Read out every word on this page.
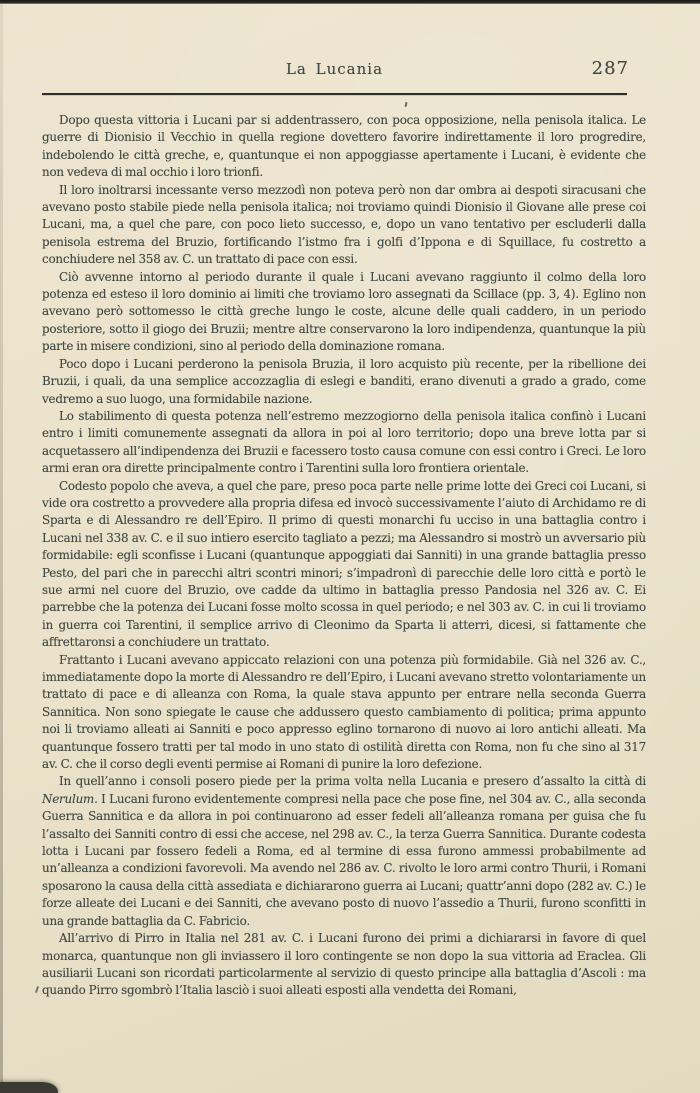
La Lucania	287

Dopo questa vittoria i Lucani par si addentrassero, con poca opposizione, nella penisola italica. Le guerre di Dionisio il Vecchio in quella regione dovettero favorire indirettamente il loro progredire, indebolendo le città greche, e, quantunque ei non appoggiasse apertamente i Lucani, è evidente che non vedeva di mal occhio i loro trionfi.

Il loro inoltrarsi incessante verso mezzodì non poteva però non dar ombra ai despoti siracusani che avevano posto stabile piede nella penisola italica; noi troviamo quindi Dionisio il Giovane alle prese coi Lucani, ma, a quel che pare, con poco lieto successo, e, dopo un vano tentativo per escluderli dalla penisola estrema del Bruzio, fortificando l’istmo fra i golfi d’Ippona e di Squillace, fu costretto a conchiudere nel 358 av. C. un trattato di pace con essi.

Ciò avvenne intorno al periodo durante il quale i Lucani avevano raggiunto il colmo della loro potenza ed esteso il loro dominio ai limiti che troviamo loro assegnati da Scillace (pp. 3, 4). Eglino non avevano però sottomesso le città greche lungo le coste, alcune delle quali caddero, in un periodo posteriore, sotto il giogo dei Bruzii; mentre altre conservarono la loro indipendenza, quantunque la più parte in misere condizioni, sino al periodo della dominazione romana.

Poco dopo i Lucani perderono la penisola Bruzia, il loro acquisto più recente, per la ribellione dei Bruzii, i quali, da una semplice accozzaglia di eslegi e banditi, erano divenuti a grado a grado, come vedremo a suo luogo, una formidabile nazione.

Lo stabilimento di questa potenza nell’estremo mezzogiorno della penisola italica confinò i Lucani entro i limiti comunemente assegnati da allora in poi al loro territorio; dopo una breve lotta par si acquetassero all’indipendenza dei Bruzii e facessero tosto causa comune con essi contro i Greci. Le loro armi eran ora dirette principalmente contro i Tarentini sulla loro frontiera orientale.

Codesto popolo che aveva, a quel che pare, preso poca parte nelle prime lotte dei Greci coi Lucani, si vide ora costretto a provvedere alla propria difesa ed invocò successivamente l’aiuto di Archidamo re di Sparta e di Alessandro re dell’Epiro. Il primo di questi monarchi fu ucciso in una battaglia contro i Lucani nel 338 av. C. e il suo intiero esercito tagliato a pezzi; ma Alessandro si mostrò un avversario più formidabile: egli sconfisse i Lucani (quantunque appoggiati dai Sanniti) in una grande battaglia presso Pesto, del pari che in parecchi altri scontri minori; s’impadronì di parecchie delle loro città e portò le sue armi nel cuore del Bruzio, ove cadde da ultimo in battaglia presso Pandosia nel 326 av. C. Ei parrebbe che la potenza dei Lucani fosse molto scossa in quel periodo; e nel 303 av. C. in cui li troviamo in guerra coi Tarentini, il semplice arrivo di Cleonimo da Sparta li atterri, dicesi, si fattamente che affrettaronsi a conchiudere un trattato.

Frattanto i Lucani avevano appiccato relazioni con una potenza più formidabile. Già nel 326 av. C., immediatamente dopo la morte di Alessandro re dell’Epiro, i Lucani avevano stretto volontariamente un trattato di pace e di alleanza con Roma, la quale stava appunto per entrare nella seconda Guerra Sannitica. Non sono spiegate le cause che addussero questo cambiamento di politica; prima appunto noi li troviamo alleati ai Sanniti e poco appresso eglino tornarono di nuovo ai loro antichi alleati. Ma quantunque fossero tratti per tal modo in uno stato di ostilità diretta con Roma, non fu che sino al 317 av. C. che il corso degli eventi permise ai Romani di punire la loro defezione.

In quell’anno i consoli posero piede per la prima volta nella Lucania e presero d’assalto la città di Nerulum. I Lucani furono evidentemente compresi nella pace che pose fine, nel 304 av. C., alla seconda Guerra Sannitica e da allora in poi continuarono ad esser fedeli all’alleanza romana per guisa che fu l’assalto dei Sanniti contro di essi che accese, nel 298 av. C., la terza Guerra Sannitica. Durante codesta lotta i Lucani par fossero fedeli a Roma, ed al termine di essa furono ammessi probabilmente ad un’alleanza a condizioni favorevoli. Ma avendo nel 286 av. C. rivolto le loro armi contro Thurii, i Romani sposarono la causa della città assediata e dichiararono guerra ai Lucani; quattr’anni dopo (282 av. C.) le forze alleate dei Lucani e dei Sanniti, che avevano posto di nuovo l’assedio a Thurii, furono sconfitti in una grande battaglia da C. Fabricio.

All’arrivo di Pirro in Italia nel 281 av. C. i Lucani furono dei primi a dichiararsi in favore di quel monarca, quantunque non gli inviassero il loro contingente se non dopo la sua vittoria ad Eraclea. Gli ausiliarii Lucani son ricordati particolarmente al servizio di questo principe alla battaglia d’Ascoli : ma quando Pirro sgombrò l’Italia lasciò i suoi alleati esposti alla vendetta dei Romani,
